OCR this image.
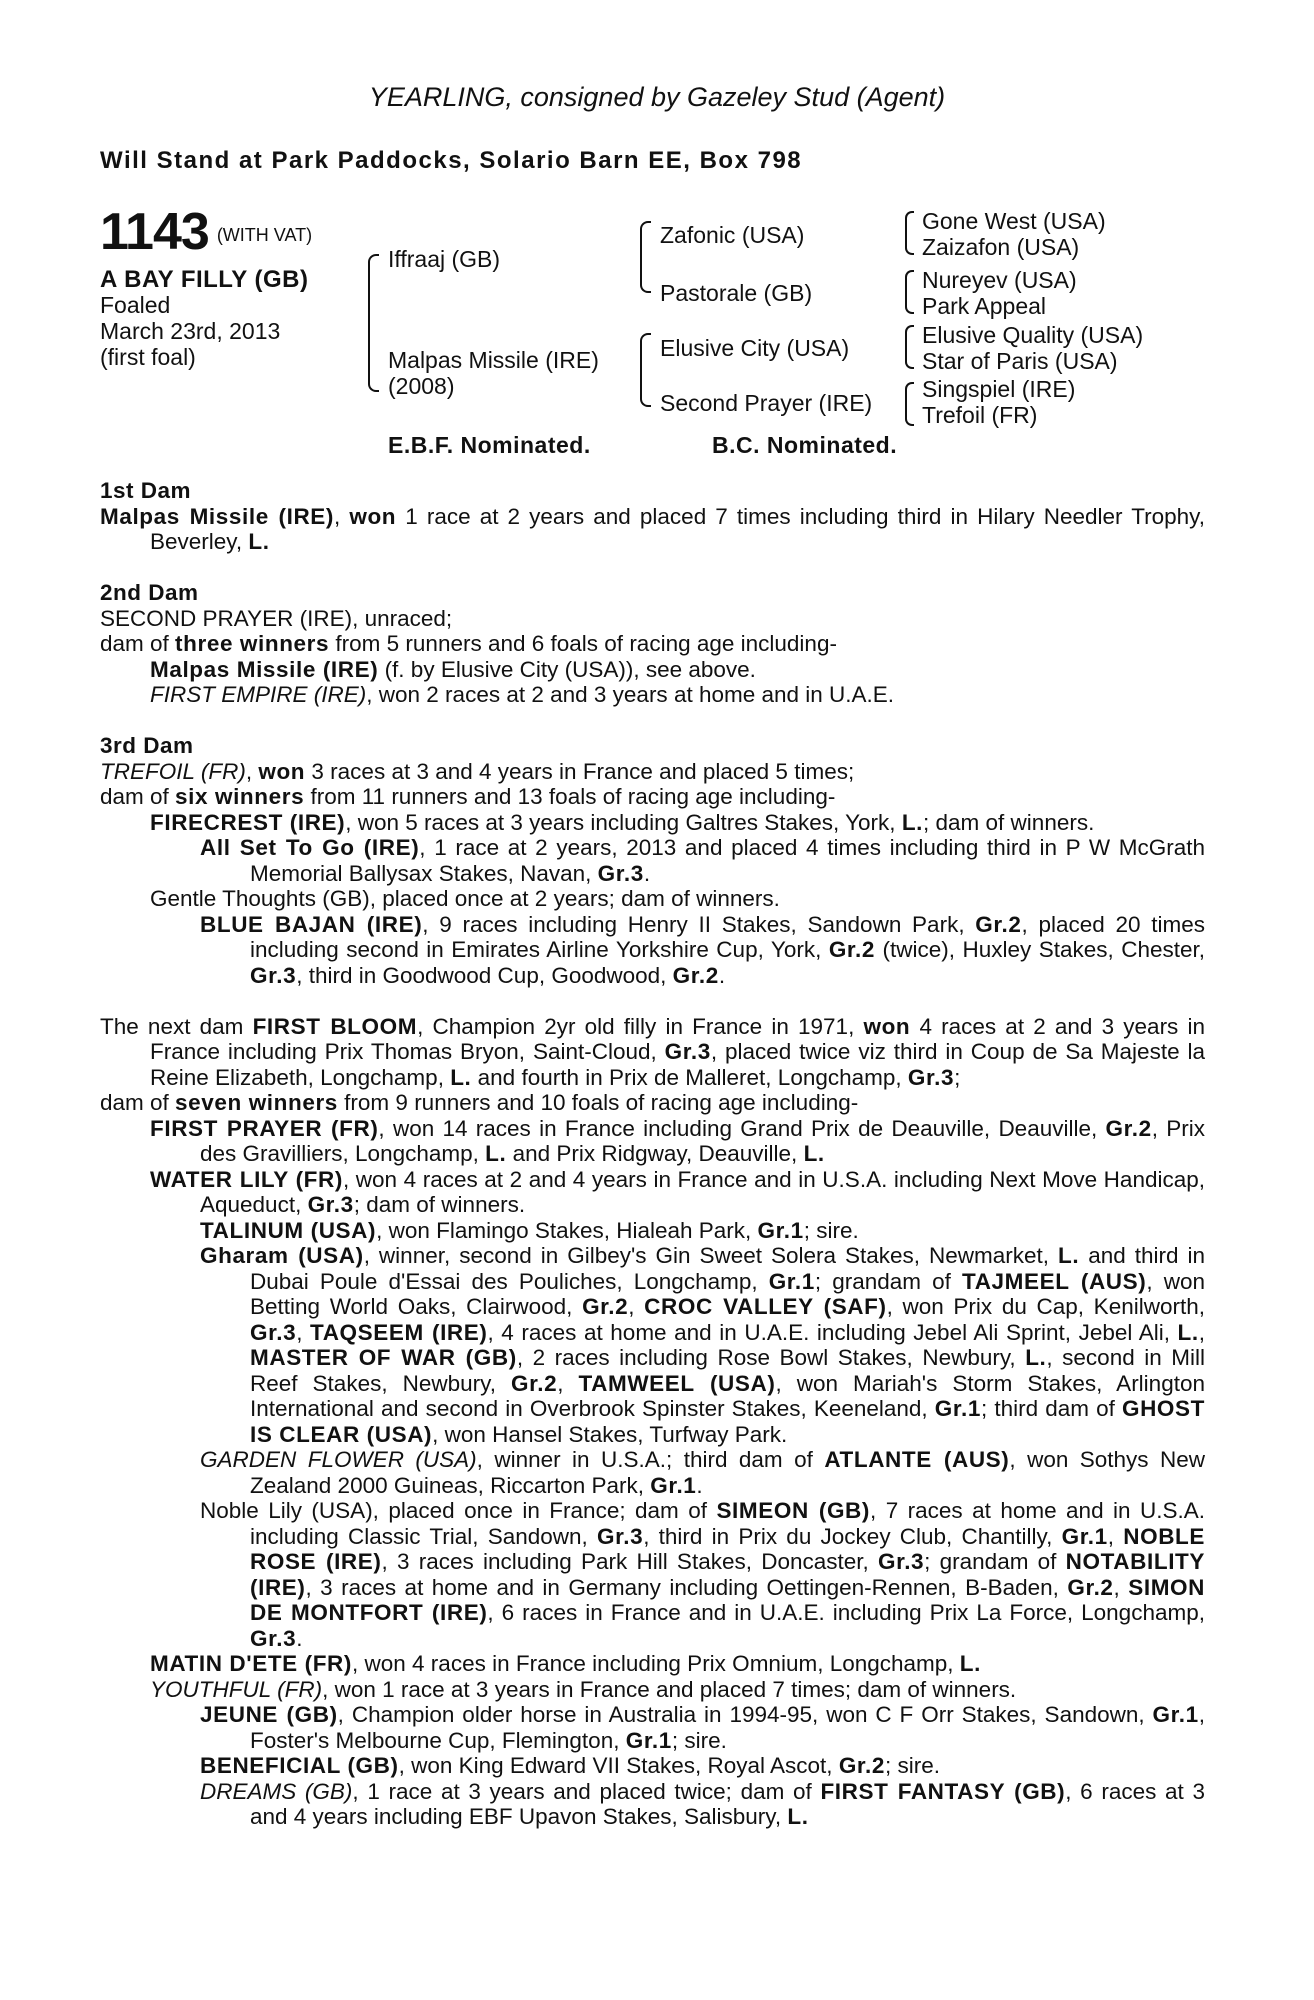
YEARLING, consigned by Gazeley Stud (Agent)
Will Stand at Park Paddocks, Solario Barn EE, Box 798
1143 (WITH VAT)
A BAY FILLY (GB)
Foaled
March 23rd, 2013
(first foal)
Iffraaj (GB)
Malpas Missile (IRE)
(2008)
Zafonic (USA)
Pastorale (GB)
Elusive City (USA)
Second Prayer (IRE)
Gone West (USA)
Zaizafon (USA)
Nureyev (USA)
Park Appeal
Elusive Quality (USA)
Star of Paris (USA)
Singspiel (IRE)
Trefoil (FR)
E.B.F. Nominated.	B.C. Nominated.

1st Dam

Malpas Missile (IRE), won 1 race at 2 years and placed 7 times including third in Hilary Needler Trophy, Beverley, L.

2nd Dam

SECOND PRAYER (IRE), unraced;

dam of three winners from 5 runners and 6 foals of racing age including-

Malpas Missile (IRE) (f. by Elusive City (USA)), see above.

FIRST EMPIRE (IRE), won 2 races at 2 and 3 years at home and in U.A.E.

3rd Dam

TREFOIL (FR), won 3 races at 3 and 4 years in France and placed 5 times;

dam of six winners from 11 runners and 13 foals of racing age including-

FIRECREST (IRE), won 5 races at 3 years including Galtres Stakes, York, L.; dam of winners.

All Set To Go (IRE), 1 race at 2 years, 2013 and placed 4 times including third in P W McGrath Memorial Ballysax Stakes, Navan, Gr.3.

Gentle Thoughts (GB), placed once at 2 years; dam of winners.

BLUE BAJAN (IRE), 9 races including Henry II Stakes, Sandown Park, Gr.2, placed 20 times including second in Emirates Airline Yorkshire Cup, York, Gr.2 (twice), Huxley Stakes, Chester, Gr.3, third in Goodwood Cup, Goodwood, Gr.2.

The next dam FIRST BLOOM, Champion 2yr old filly in France in 1971, won 4 races at 2 and 3 years in France including Prix Thomas Bryon, Saint-Cloud, Gr.3, placed twice viz third in Coup de Sa Majeste la Reine Elizabeth, Longchamp, L. and fourth in Prix de Malleret, Longchamp, Gr.3;

dam of seven winners from 9 runners and 10 foals of racing age including-

FIRST PRAYER (FR), won 14 races in France including Grand Prix de Deauville, Deauville, Gr.2, Prix des Gravilliers, Longchamp, L. and Prix Ridgway, Deauville, L.

WATER LILY (FR), won 4 races at 2 and 4 years in France and in U.S.A. including Next Move Handicap, Aqueduct, Gr.3; dam of winners.

TALINUM (USA), won Flamingo Stakes, Hialeah Park, Gr.1; sire.

Gharam (USA), winner, second in Gilbey's Gin Sweet Solera Stakes, Newmarket, L. and third in Dubai Poule d'Essai des Pouliches, Longchamp, Gr.1; grandam of TAJMEEL (AUS), won Betting World Oaks, Clairwood, Gr.2, CROC VALLEY (SAF), won Prix du Cap, Kenilworth, Gr.3, TAQSEEM (IRE), 4 races at home and in U.A.E. including Jebel Ali Sprint, Jebel Ali, L., MASTER OF WAR (GB), 2 races including Rose Bowl Stakes, Newbury, L., second in Mill Reef Stakes, Newbury, Gr.2, TAMWEEL (USA), won Mariah's Storm Stakes, Arlington International and second in Overbrook Spinster Stakes, Keeneland, Gr.1; third dam of GHOST IS CLEAR (USA), won Hansel Stakes, Turfway Park.

GARDEN FLOWER (USA), winner in U.S.A.; third dam of ATLANTE (AUS), won Sothys New Zealand 2000 Guineas, Riccarton Park, Gr.1.

Noble Lily (USA), placed once in France; dam of SIMEON (GB), 7 races at home and in U.S.A. including Classic Trial, Sandown, Gr.3, third in Prix du Jockey Club, Chantilly, Gr.1, NOBLE ROSE (IRE), 3 races including Park Hill Stakes, Doncaster, Gr.3; grandam of NOTABILITY (IRE), 3 races at home and in Germany including Oettingen-Rennen, B-Baden, Gr.2, SIMON DE MONTFORT (IRE), 6 races in France and in U.A.E. including Prix La Force, Longchamp, Gr.3.

MATIN D'ETE (FR), won 4 races in France including Prix Omnium, Longchamp, L.

YOUTHFUL (FR), won 1 race at 3 years in France and placed 7 times; dam of winners.

JEUNE (GB), Champion older horse in Australia in 1994-95, won C F Orr Stakes, Sandown, Gr.1, Foster's Melbourne Cup, Flemington, Gr.1; sire.

BENEFICIAL (GB), won King Edward VII Stakes, Royal Ascot, Gr.2; sire.

DREAMS (GB), 1 race at 3 years and placed twice; dam of FIRST FANTASY (GB), 6 races at 3 and 4 years including EBF Upavon Stakes, Salisbury, L.
